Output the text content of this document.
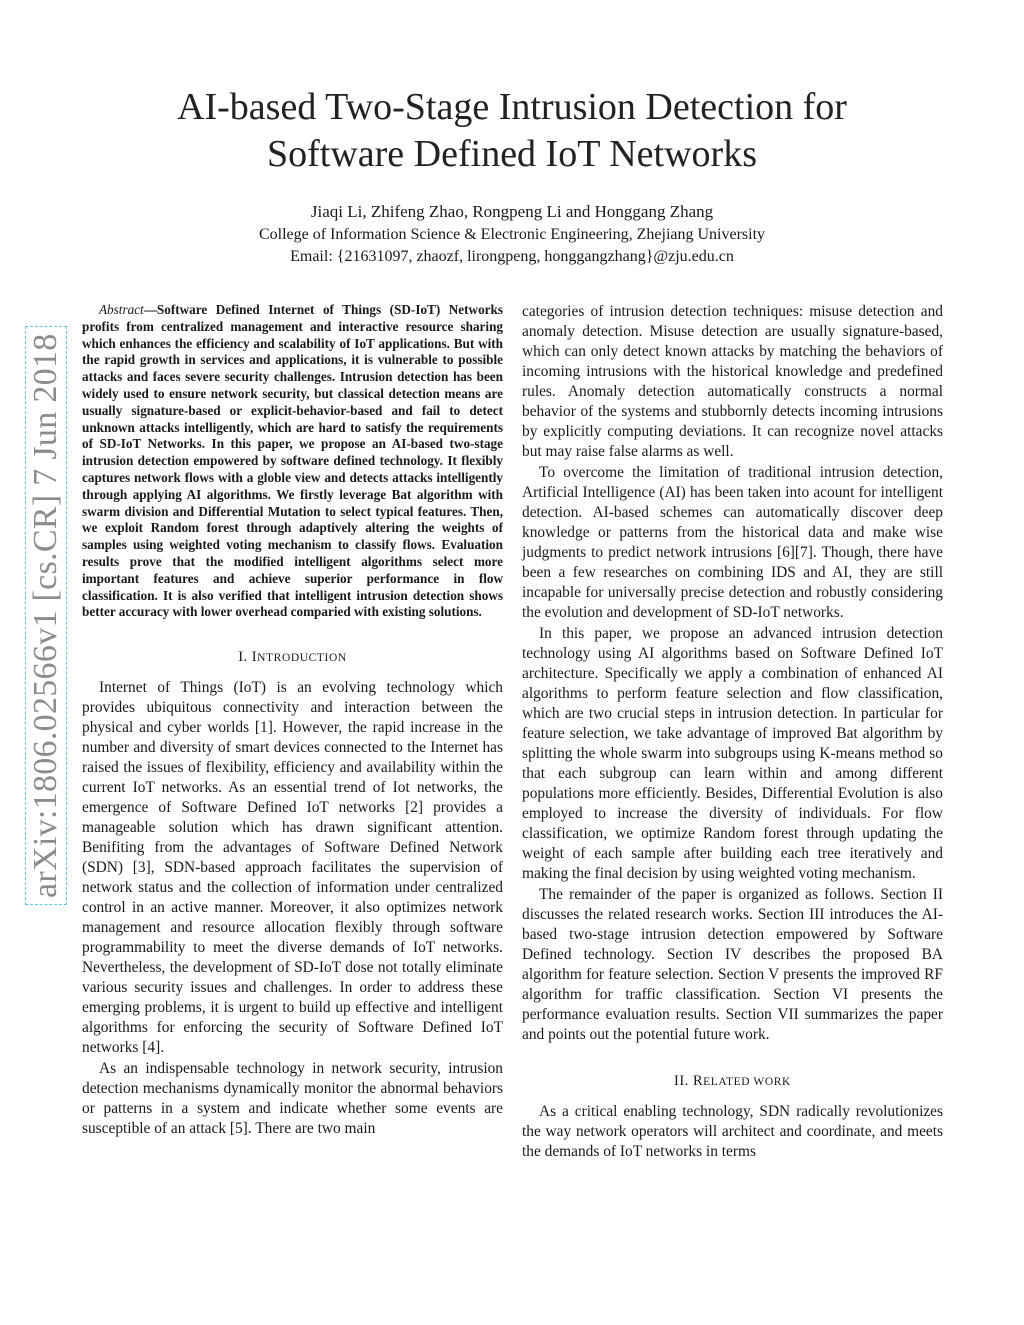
arXiv:1806.02566v1 [cs.CR] 7 Jun 2018
AI-based Two-Stage Intrusion Detection for
Software Defined IoT Networks
Jiaqi Li, Zhifeng Zhao, Rongpeng Li and Honggang Zhang
College of Information Science & Electronic Engineering, Zhejiang University
Email: {21631097, zhaozf, lirongpeng, honggangzhang}@zju.edu.cn

Abstract—Software Defined Internet of Things (SD-IoT) Networks profits from centralized management and interactive resource sharing which enhances the efficiency and scalability of IoT applications. But with the rapid growth in services and applications, it is vulnerable to possible attacks and faces severe security challenges. Intrusion detection has been widely used to ensure network security, but classical detection means are usually signature-based or explicit-behavior-based and fail to detect unknown attacks intelligently, which are hard to satisfy the requirements of SD-IoT Networks. In this paper, we propose an AI-based two-stage intrusion detection empowered by software defined technology. It flexibly captures network flows with a globle view and detects attacks intelligently through applying AI algorithms. We firstly leverage Bat algorithm with swarm division and Differential Mutation to select typical features. Then, we exploit Random forest through adaptively altering the weights of samples using weighted voting mechanism to classify flows. Evaluation results prove that the modified intelligent algorithms select more important features and achieve superior performance in flow classification. It is also verified that intelligent intrusion detection shows better accuracy with lower overhead comparied with existing solutions.

I. INTRODUCTION

Internet of Things (IoT) is an evolving technology which provides ubiquitous connectivity and interaction between the physical and cyber worlds [1]. However, the rapid increase in the number and diversity of smart devices connected to the Internet has raised the issues of flexibility, efficiency and availability within the current IoT networks. As an essential trend of Iot networks, the emergence of Software Defined IoT networks [2] provides a manageable solution which has drawn significant attention. Benifiting from the advantages of Software Defined Network (SDN) [3], SDN-based approach facilitates the supervision of network status and the collection of information under centralized control in an active manner. Moreover, it also optimizes network management and resource allocation flexibly through software programmability to meet the diverse demands of IoT networks. Nevertheless, the development of SD-IoT dose not totally eliminate various security issues and challenges. In order to address these emerging problems, it is urgent to build up effective and intelligent algorithms for enforcing the security of Software Defined IoT networks [4].

As an indispensable technology in network security, intrusion detection mechanisms dynamically monitor the abnormal behaviors or patterns in a system and indicate whether some events are susceptible of an attack [5]. There are two main

categories of intrusion detection techniques: misuse detection and anomaly detection. Misuse detection are usually signature-based, which can only detect known attacks by matching the behaviors of incoming intrusions with the historical knowledge and predefined rules. Anomaly detection automatically constructs a normal behavior of the systems and stubbornly detects incoming intrusions by explicitly computing deviations. It can recognize novel attacks but may raise false alarms as well.

To overcome the limitation of traditional intrusion detection, Artificial Intelligence (AI) has been taken into acount for intelligent detection. AI-based schemes can automatically discover deep knowledge or patterns from the historical data and make wise judgments to predict network intrusions [6][7]. Though, there have been a few researches on combining IDS and AI, they are still incapable for universally precise detection and robustly considering the evolution and development of SD-IoT networks.

In this paper, we propose an advanced intrusion detection technology using AI algorithms based on Software Defined IoT architecture. Specifically we apply a combination of enhanced AI algorithms to perform feature selection and flow classification, which are two crucial steps in intrusion detection. In particular for feature selection, we take advantage of improved Bat algorithm by splitting the whole swarm into subgroups using K-means method so that each subgroup can learn within and among different populations more efficiently. Besides, Differential Evolution is also employed to increase the diversity of individuals. For flow classification, we optimize Random forest through updating the weight of each sample after building each tree iteratively and making the final decision by using weighted voting mechanism.

The remainder of the paper is organized as follows. Section II discusses the related research works. Section III introduces the AI-based two-stage intrusion detection empowered by Software Defined technology. Section IV describes the proposed BA algorithm for feature selection. Section V presents the improved RF algorithm for traffic classification. Section VI presents the performance evaluation results. Section VII summarizes the paper and points out the potential future work.

II. RELATED WORK

As a critical enabling technology, SDN radically revolutionizes the way network operators will architect and coordinate, and meets the demands of IoT networks in terms
